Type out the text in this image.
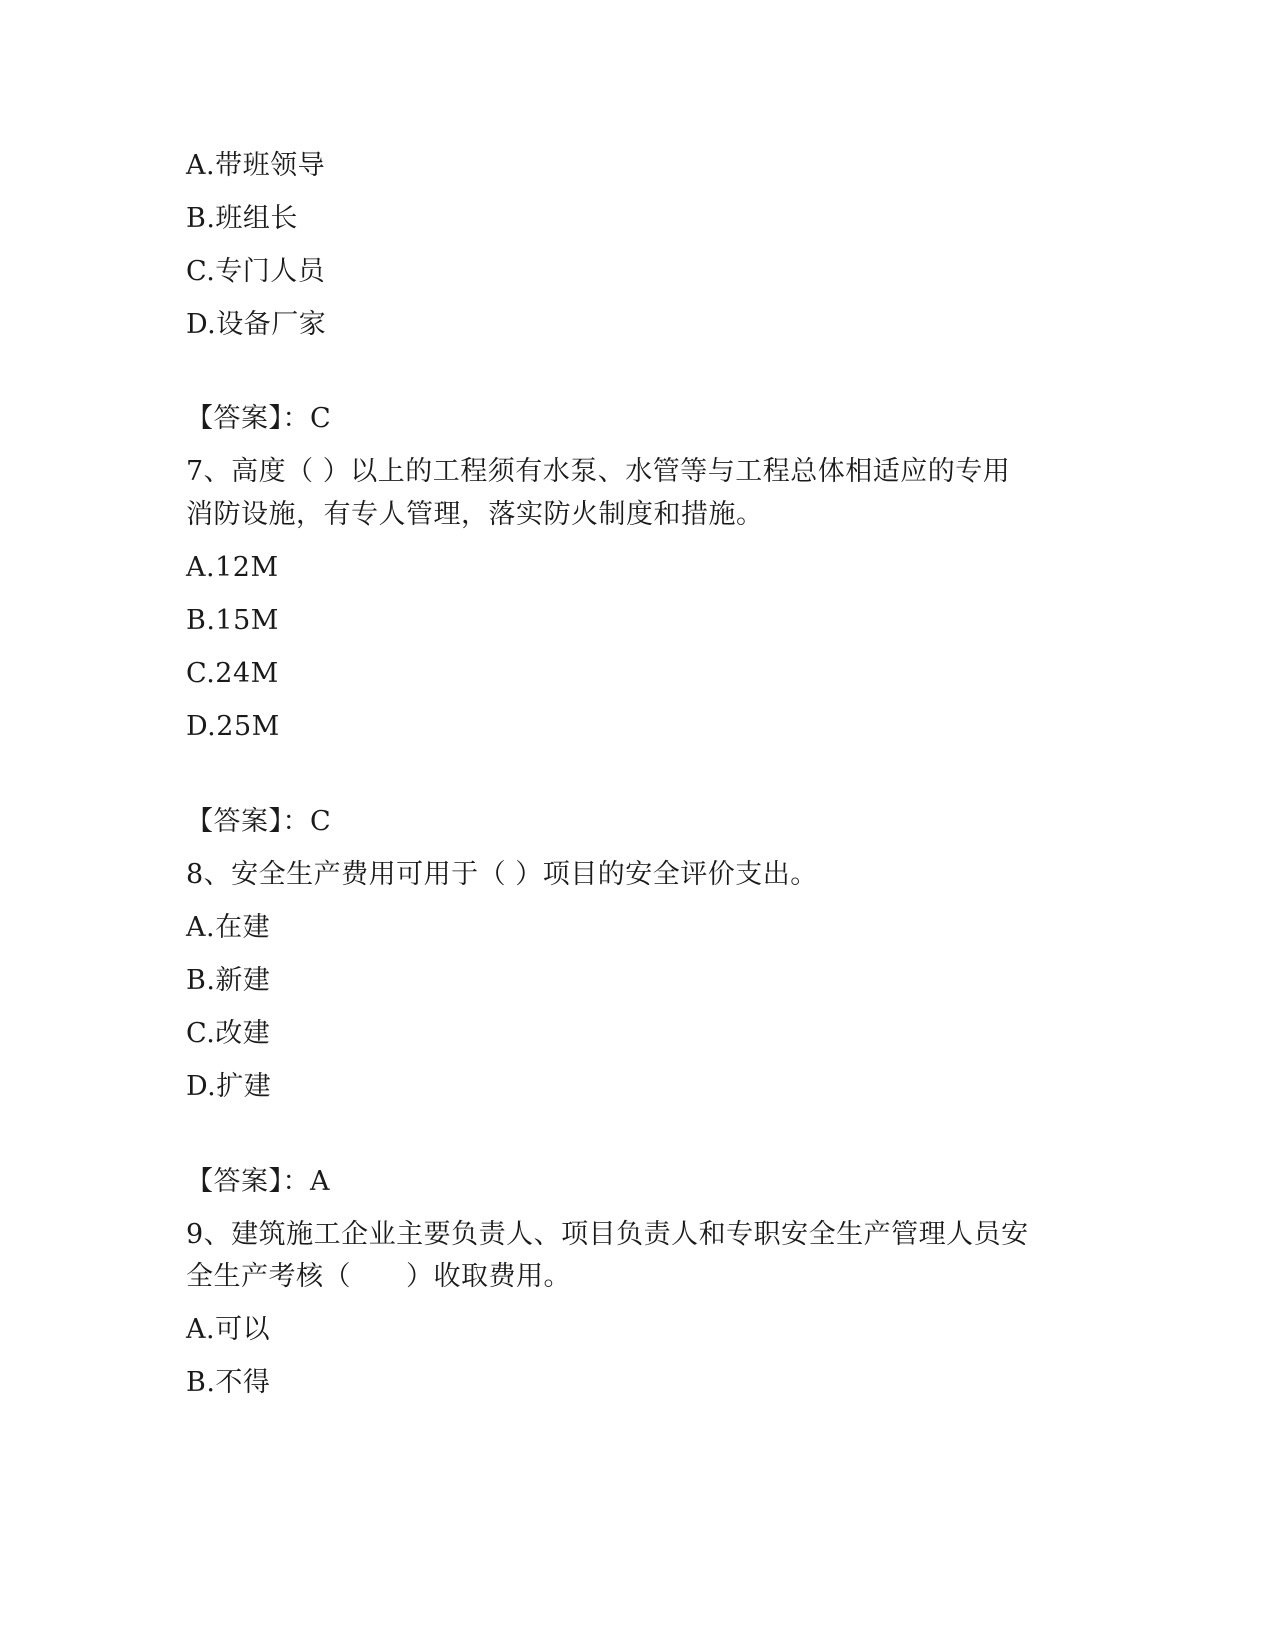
A.带班领导
B.班组长
C.专门人员
D.设备厂家
【答案】：C
7、高度（ ）以上的工程须有水泵、水管等与工程总体相适应的专用
消防设施，有专人管理，落实防火制度和措施。
A.12M
B.15M
C.24M
D.25M
【答案】：C
8、安全生产费用可用于（ ）项目的安全评价支出。
A.在建
B.新建
C.改建
D.扩建
【答案】：A
9、建筑施工企业主要负责人、项目负责人和专职安全生产管理人员安
全生产考核（　　）收取费用。
A.可以
B.不得
